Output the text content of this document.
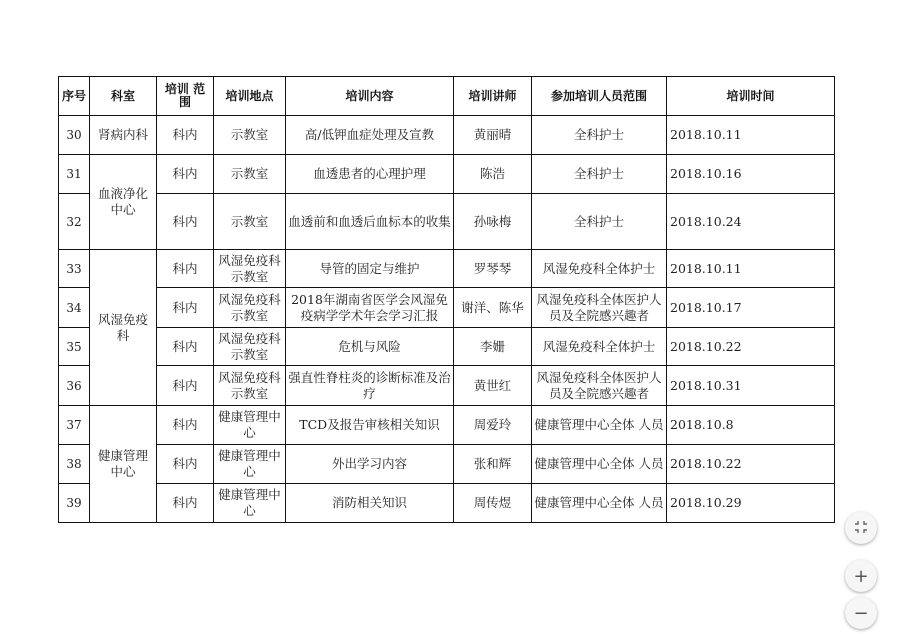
序号	科室	培训 范围	培训地点	培训内容	培训讲师	参加培训人员范围	培训时间
30	肾病内科	科内	示教室	高/低钾血症处理及宣教	黄丽晴	全科护士	2018.10.11
31	血液净化中心	科内	示教室	血透患者的心理护理	陈浩	全科护士	2018.10.16
32		科内	示教室	血透前和血透后血标本的收集	孙咏梅	全科护士	2018.10.24
33	风湿免疫科	科内	风湿免疫科示教室	导管的固定与维护	罗琴琴	风湿免疫科全体护士	2018.10.11
34		科内	风湿免疫科示教室	2018年湖南省医学会风湿免疫病学学术年会学习汇报	谢洋、陈华	风湿免疫科全体医护人员及全院感兴趣者	2018.10.17
35		科内	风湿免疫科示教室	危机与风险	李姗	风湿免疫科全体护士	2018.10.22
36		科内	风湿免疫科示教室	强直性脊柱炎的诊断标准及治疗	黄世红	风湿免疫科全体医护人员及全院感兴趣者	2018.10.31
37	健康管理中心	科内	健康管理中心	TCD及报告审核相关知识	周爱玲	健康管理中心全体 人员	2018.10.8
38		科内	健康管理中心	外出学习内容	张和辉	健康管理中心全体 人员	2018.10.22
39		科内	健康管理中心	消防相关知识	周传煜	健康管理中心全体 人员	2018.10.29
+
−
